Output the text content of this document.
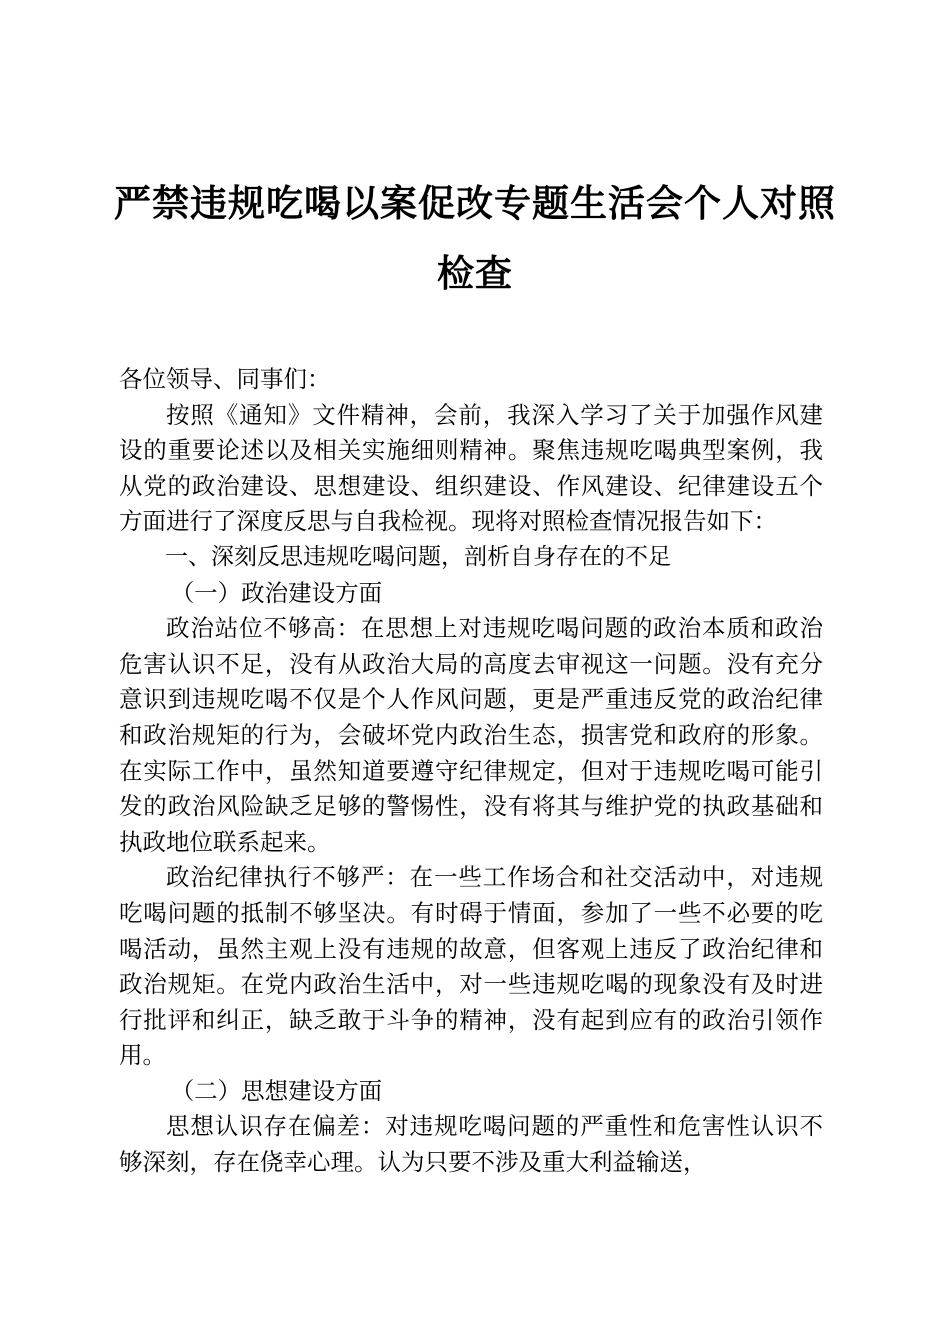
严禁违规吃喝以案促改专题生活会个人对照检查

各位领导、同事们：

按照《通知》文件精神，会前，我深入学习了关于加强作风建设的重要论述以及相关实施细则精神。聚焦违规吃喝典型案例，我从党的政治建设、思想建设、组织建设、作风建设、纪律建设五个方面进行了深度反思与自我检视。现将对照检查情况报告如下：

一、深刻反思违规吃喝问题，剖析自身存在的不足

（一）政治建设方面

政治站位不够高：在思想上对违规吃喝问题的政治本质和政治危害认识不足，没有从政治大局的高度去审视这一问题。没有充分意识到违规吃喝不仅是个人作风问题，更是严重违反党的政治纪律和政治规矩的行为，会破坏党内政治生态，损害党和政府的形象。在实际工作中，虽然知道要遵守纪律规定，但对于违规吃喝可能引发的政治风险缺乏足够的警惕性，没有将其与维护党的执政基础和执政地位联系起来。

政治纪律执行不够严：在一些工作场合和社交活动中，对违规吃喝问题的抵制不够坚决。有时碍于情面，参加了一些不必要的吃喝活动，虽然主观上没有违规的故意，但客观上违反了政治纪律和政治规矩。在党内政治生活中，对一些违规吃喝的现象没有及时进行批评和纠正，缺乏敢于斗争的精神，没有起到应有的政治引领作用。

（二）思想建设方面

思想认识存在偏差：对违规吃喝问题的严重性和危害性认识不够深刻，存在侥幸心理。认为只要不涉及重大利益输送，
